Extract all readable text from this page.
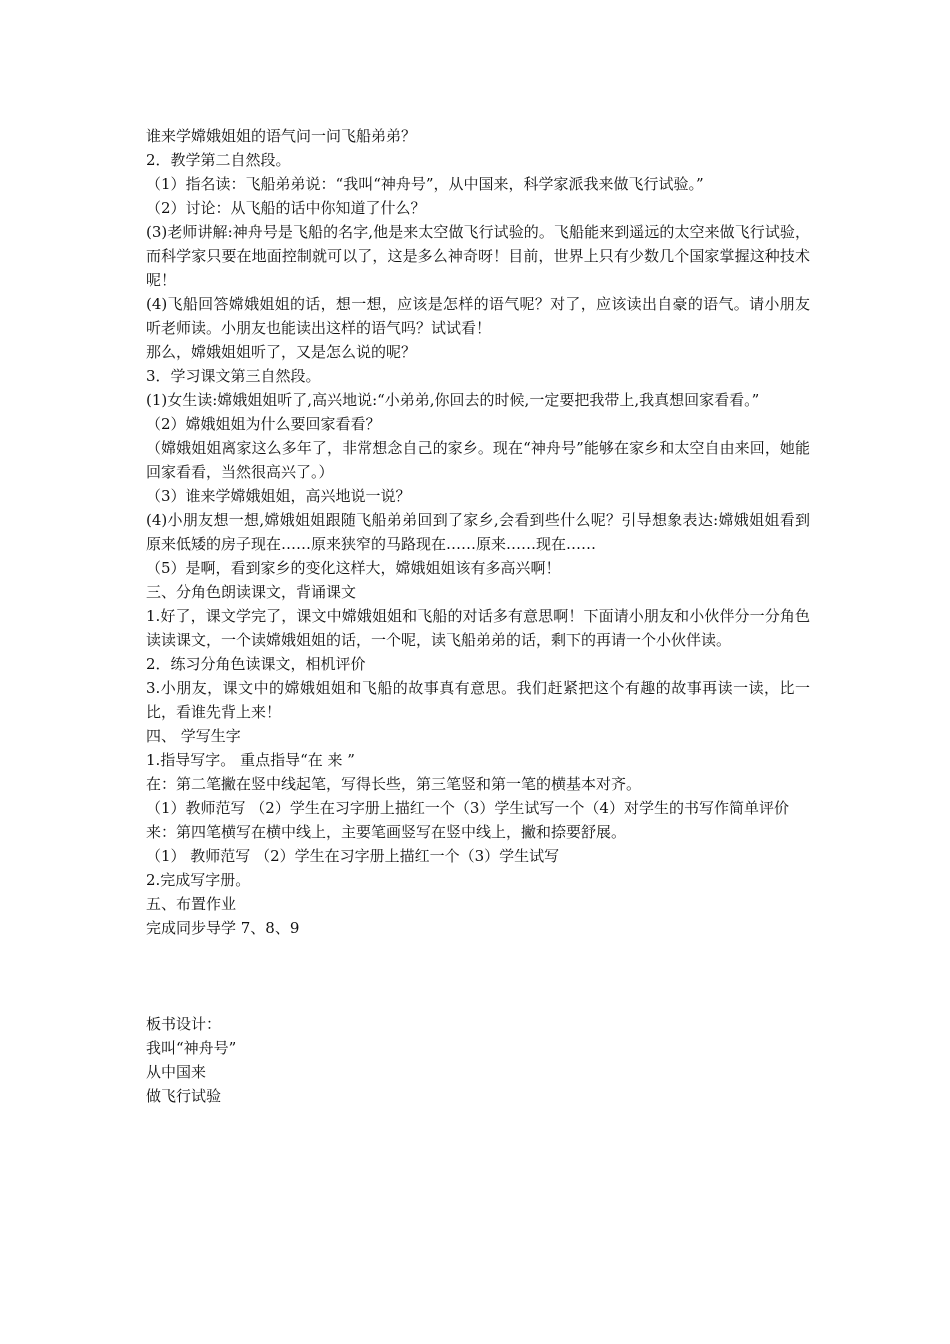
谁来学嫦娥姐姐的语气问一问飞船弟弟？

2．教学第二自然段。

（1）指名读：飞船弟弟说：“我叫“神舟号”，从中国来，科学家派我来做飞行试验。”

（2）讨论：从飞船的话中你知道了什么？

(3)老师讲解:神舟号是飞船的名字,他是来太空做飞行试验的。飞船能来到遥远的太空来做飞行试验，而科学家只要在地面控制就可以了，这是多么神奇呀！目前，世界上只有少数几个国家掌握这种技术呢！

(4)飞船回答嫦娥姐姐的话，想一想，应该是怎样的语气呢？对了，应该读出自豪的语气。请小朋友听老师读。小朋友也能读出这样的语气吗？试试看！

那么，嫦娥姐姐听了，又是怎么说的呢？

3．学习课文第三自然段。

(1)女生读:嫦娥姐姐听了,高兴地说:“小弟弟,你回去的时候,一定要把我带上,我真想回家看看。”

（2）嫦娥姐姐为什么要回家看看？

（嫦娥姐姐离家这么多年了，非常想念自己的家乡。现在“神舟号”能够在家乡和太空自由来回，她能回家看看，当然很高兴了。）

（3）谁来学嫦娥姐姐，高兴地说一说？

(4)小朋友想一想,嫦娥姐姐跟随飞船弟弟回到了家乡,会看到些什么呢？引导想象表达:嫦娥姐姐看到原来低矮的房子现在……原来狭窄的马路现在……原来……现在……

（5）是啊，看到家乡的变化这样大，嫦娥姐姐该有多高兴啊！

三、分角色朗读课文，背诵课文

1.好了，课文学完了，课文中嫦娥姐姐和飞船的对话多有意思啊！下面请小朋友和小伙伴分一分角色读读课文，一个读嫦娥姐姐的话，一个呢，读飞船弟弟的话，剩下的再请一个小伙伴读。

2．练习分角色读课文，相机评价

3.小朋友，课文中的嫦娥姐姐和飞船的故事真有意思。我们赶紧把这个有趣的故事再读一读，比一比，看谁先背上来！

四、 学写生字

1.指导写字。 重点指导“在 来 ”

在：第二笔撇在竖中线起笔，写得长些，第三笔竖和第一笔的横基本对齐。

（1）教师范写 （2）学生在习字册上描红一个（3）学生试写一个（4）对学生的书写作简单评价

来：第四笔横写在横中线上，主要笔画竖写在竖中线上，撇和捺要舒展。

（1） 教师范写 （2）学生在习字册上描红一个（3）学生试写

2.完成写字册。

五、布置作业

完成同步导学 7、8、9

板书设计：

我叫“神舟号”

从中国来

做飞行试验
